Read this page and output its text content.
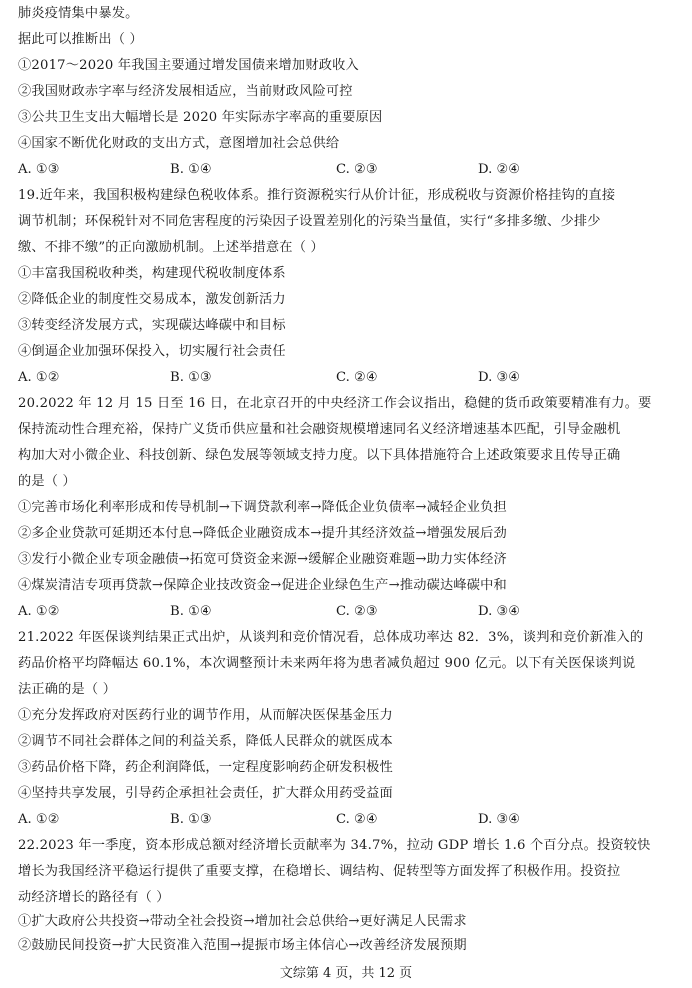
肺炎疫情集中暴发。
据此可以推断出（ ）
①2017～2020 年我国主要通过增发国债来增加财政收入
②我国财政赤字率与经济发展相适应，当前财政风险可控
③公共卫生支出大幅增长是 2020 年实际赤字率高的重要原因
④国家不断优化财政的支出方式，意图增加社会总供给
A. ①③	B. ①④	C. ②③	D. ②④
19.近年来，我国积极构建绿色税收体系。推行资源税实行从价计征，形成税收与资源价格挂钩的直接
调节机制；环保税针对不同危害程度的污染因子设置差别化的污染当量值，实行“多排多缴、少排少
缴、不排不缴”的正向激励机制。上述举措意在（ ）
①丰富我国税收种类，构建现代税收制度体系
②降低企业的制度性交易成本，激发创新活力
③转变经济发展方式，实现碳达峰碳中和目标
④倒逼企业加强环保投入，切实履行社会责任
A. ①②	B. ①③	C. ②④	D. ③④
20.2022 年 12 月 15 日至 16 日，在北京召开的中央经济工作会议指出，稳健的货币政策要精准有力。要
保持流动性合理充裕，保持广义货币供应量和社会融资规模增速同名义经济增速基本匹配，引导金融机
构加大对小微企业、科技创新、绿色发展等领域支持力度。以下具体措施符合上述政策要求且传导正确
的是（ ）
①完善市场化利率形成和传导机制→下调贷款利率→降低企业负债率→减轻企业负担
②多企业贷款可延期还本付息→降低企业融资成本→提升其经济效益→增强发展后劲
③发行小微企业专项金融债→拓宽可贷资金来源→缓解企业融资难题→助力实体经济
④煤炭清洁专项再贷款→保障企业技改资金→促进企业绿色生产→推动碳达峰碳中和
A. ①②	B. ①④	C. ②③	D. ③④
21.2022 年医保谈判结果正式出炉，从谈判和竞价情况看，总体成功率达 82．3%，谈判和竞价新准入的
药品价格平均降幅达 60.1%，本次调整预计未来两年将为患者减负超过 900 亿元。以下有关医保谈判说
法正确的是（ ）
①充分发挥政府对医药行业的调节作用，从而解决医保基金压力
②调节不同社会群体之间的利益关系，降低人民群众的就医成本
③药品价格下降，药企利润降低，一定程度影响药企研发积极性
④坚持共享发展，引导药企承担社会责任，扩大群众用药受益面
A. ①②	B. ①③	C. ②④	D. ③④
22.2023 年一季度，资本形成总额对经济增长贡献率为 34.7%，拉动 GDP 增长 1.6 个百分点。投资较快
增长为我国经济平稳运行提供了重要支撑，在稳增长、调结构、促转型等方面发挥了积极作用。投资拉
动经济增长的路径有（ ）
①扩大政府公共投资→带动全社会投资→增加社会总供给→更好满足人民需求
②鼓励民间投资→扩大民资准入范围→提振市场主体信心→改善经济发展预期
文综第 4 页，共 12 页
